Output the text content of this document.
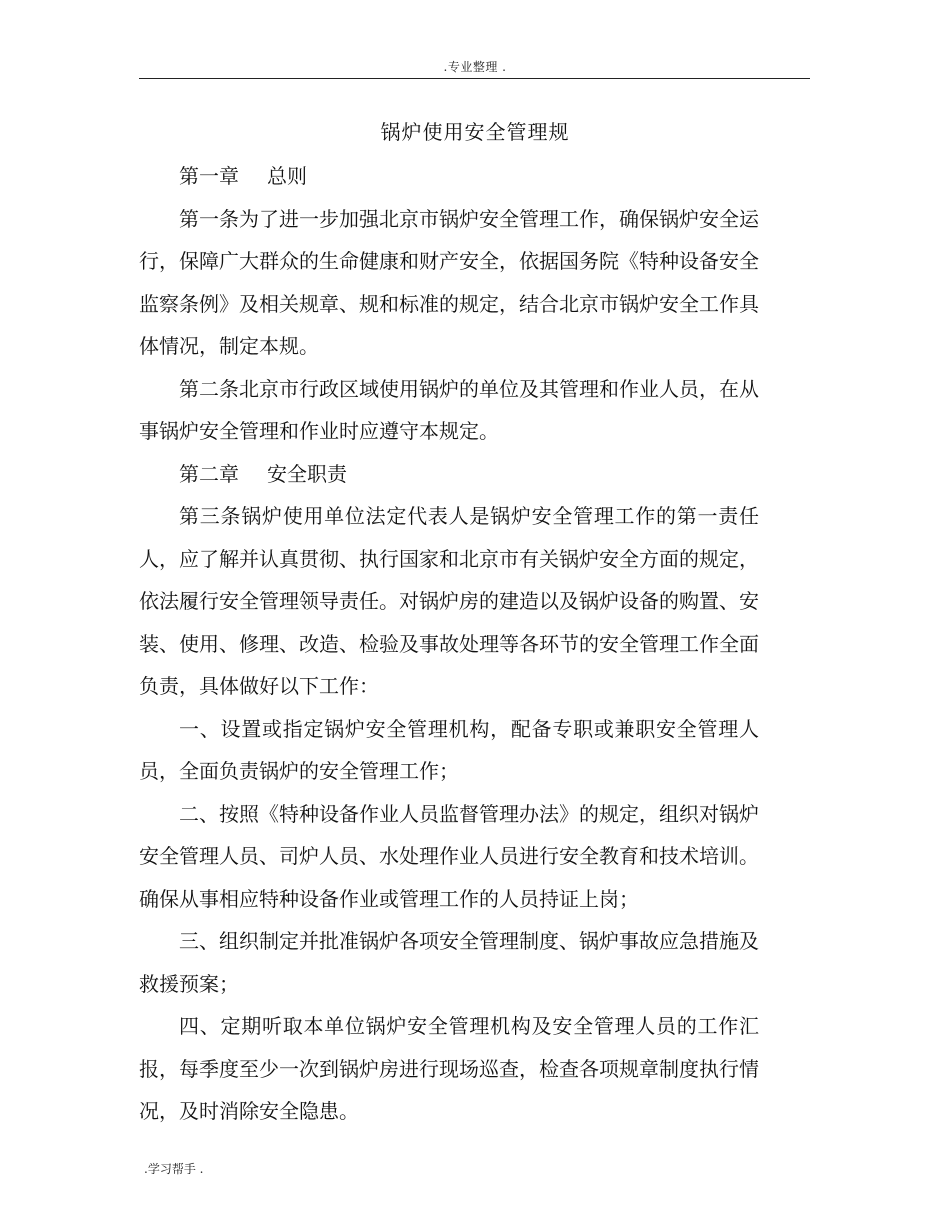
.专业整理 .
锅炉使用安全管理规

第一章 总则

第一条为了进一步加强北京市锅炉安全管理工作，确保锅炉安全运行，保障广大群众的生命健康和财产安全，依据国务院《特种设备安全监察条例》及相关规章、规和标准的规定，结合北京市锅炉安全工作具体情况，制定本规。

第二条北京市行政区域使用锅炉的单位及其管理和作业人员，在从事锅炉安全管理和作业时应遵守本规定。

第二章 安全职责

第三条锅炉使用单位法定代表人是锅炉安全管理工作的第一责任人，应了解并认真贯彻、执行国家和北京市有关锅炉安全方面的规定，依法履行安全管理领导责任。对锅炉房的建造以及锅炉设备的购置、安装、使用、修理、改造、检验及事故处理等各环节的安全管理工作全面负责，具体做好以下工作：

一、设置或指定锅炉安全管理机构，配备专职或兼职安全管理人员，全面负责锅炉的安全管理工作；

二、按照《特种设备作业人员监督管理办法》的规定，组织对锅炉安全管理人员、司炉人员、水处理作业人员进行安全教育和技术培训。确保从事相应特种设备作业或管理工作的人员持证上岗；

三、组织制定并批准锅炉各项安全管理制度、锅炉事故应急措施及救援预案；

四、定期听取本单位锅炉安全管理机构及安全管理人员的工作汇报，每季度至少一次到锅炉房进行现场巡查，检查各项规章制度执行情况，及时消除安全隐患。

.学习帮手 .
